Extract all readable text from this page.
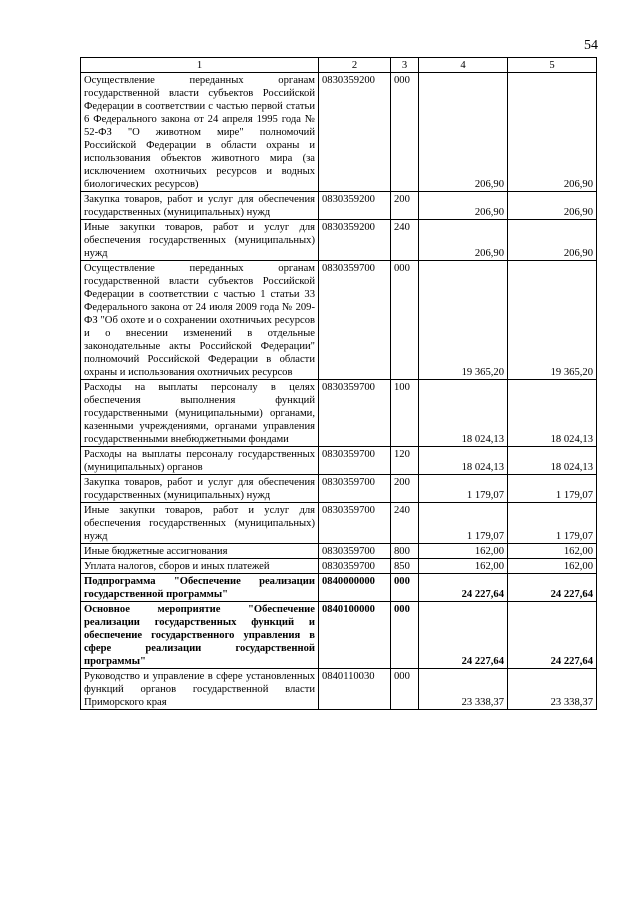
54
1	2	3	4	5
Осуществление переданных органам государственной власти субъектов Российской Федерации в соответствии с частью первой статьи 6 Федерального закона от 24 апреля 1995 года № 52-ФЗ "О животном мире" полномочий Российской Федерации в области охраны и использования объектов животного мира (за исключением охотничьих ресурсов и водных биологических ресурсов)	0830359200	000	206,90	206,90
Закупка товаров, работ и услуг для обеспечения государственных (муниципальных) нужд	0830359200	200	206,90	206,90
Иные закупки товаров, работ и услуг для обеспечения государственных (муниципальных) нужд	0830359200	240	206,90	206,90
Осуществление переданных органам государственной власти субъектов Российской Федерации в соответствии с частью 1 статьи 33 Федерального закона от 24 июля 2009 года № 209-ФЗ "Об охоте и о сохранении охотничьих ресурсов и о внесении изменений в отдельные законодательные акты Российской Федерации" полномочий Российской Федерации в области охраны и использования охотничьих ресурсов	0830359700	000	19 365,20	19 365,20
Расходы на выплаты персоналу в целях обеспечения выполнения функций государственными (муниципальными) органами, казенными учреждениями, органами управления государственными внебюджетными фондами	0830359700	100	18 024,13	18 024,13
Расходы на выплаты персоналу государственных (муниципальных) органов	0830359700	120	18 024,13	18 024,13
Закупка товаров, работ и услуг для обеспечения государственных (муниципальных) нужд	0830359700	200	1 179,07	1 179,07
Иные закупки товаров, работ и услуг для обеспечения государственных (муниципальных) нужд	0830359700	240	1 179,07	1 179,07
Иные бюджетные ассигнования	0830359700	800	162,00	162,00
Уплата налогов, сборов и иных платежей	0830359700	850	162,00	162,00
Подпрограмма "Обеспечение реализации государственной программы"	0840000000	000	24 227,64	24 227,64
Основное мероприятие "Обеспечение реализации государственных функций и обеспечение государственного управления в сфере реализации государственной программы"	0840100000	000	24 227,64	24 227,64
Руководство и управление в сфере установленных функций органов государственной власти Приморского края	0840110030	000	23 338,37	23 338,37
